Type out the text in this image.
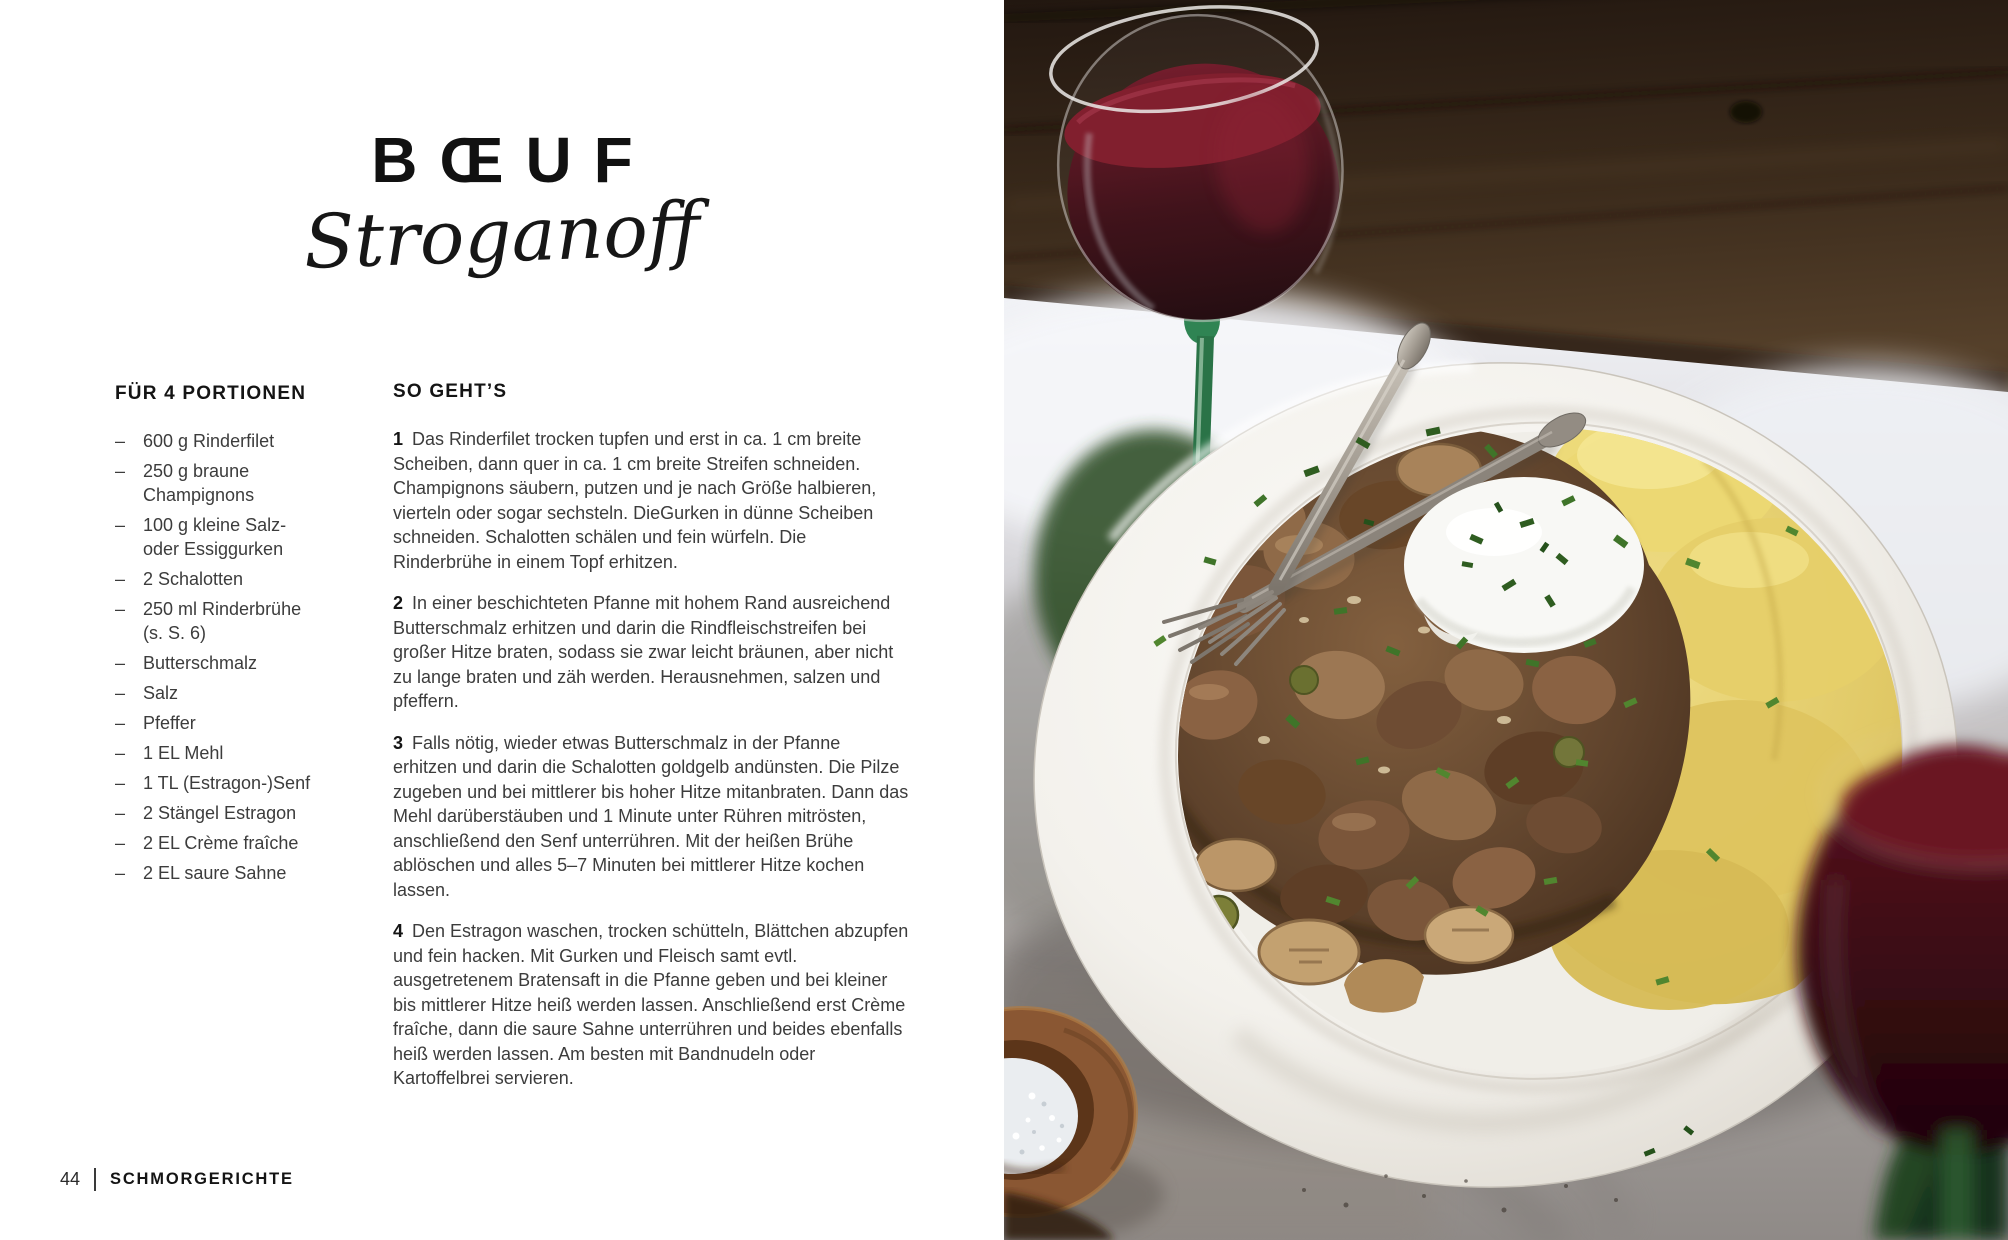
BŒUF
Stroganoff
FÜR 4 PORTIONEN
– 600 g Rinderfilet
– 250 g braune Champignons
– 100 g kleine Salz- oder Essiggurken
– 2 Schalotten
– 250 ml Rinderbrühe (s. S. 6)
– Butterschmalz
– Salz
– Pfeffer
– 1 EL Mehl
– 1 TL (Estragon-)Senf
– 2 Stängel Estragon
– 2 EL Crème fraîche
– 2 EL saure Sahne
SO GEHT’S

1 Das Rinderfilet trocken tupfen und erst in ca. 1 cm breite Scheiben, dann quer in ca. 1 cm breite Streifen schneiden. Champignons säubern, putzen und je nach Größe halbieren, vierteln oder sogar sechsteln. DieGurken in dünne Scheiben schneiden. Schalotten schälen und fein würfeln. Die Rinderbrühe in einem Topf erhitzen.

2 In einer beschichteten Pfanne mit hohem Rand ausreichend Butterschmalz erhitzen und darin die Rindfleischstreifen bei großer Hitze braten, sodass sie zwar leicht bräunen, aber nicht zu lange braten und zäh werden. Herausnehmen, salzen und pfeffern.

3 Falls nötig, wieder etwas Butterschmalz in der Pfanne erhitzen und darin die Schalotten goldgelb andünsten. Die Pilze zugeben und bei mittlerer bis hoher Hitze mitanbraten. Dann das Mehl darüberstäuben und 1 Minute unter Rühren mitrösten, anschließend den Senf unterrühren. Mit der heißen Brühe ablöschen und alles 5–7 Minuten bei mittlerer Hitze kochen lassen.

4 Den Estragon waschen, trocken schütteln, Blättchen abzupfen und fein hacken. Mit Gurken und Fleisch samt evtl. ausgetretenem Bratensaft in die Pfanne geben und bei kleiner bis mittlerer Hitze heiß werden lassen. Anschließend erst Crème fraîche, dann die saure Sahne unterrühren und beides ebenfalls heiß werden lassen. Am besten mit Bandnudeln oder Kartoffelbrei servieren.

44 SCHMORGERICHTE
